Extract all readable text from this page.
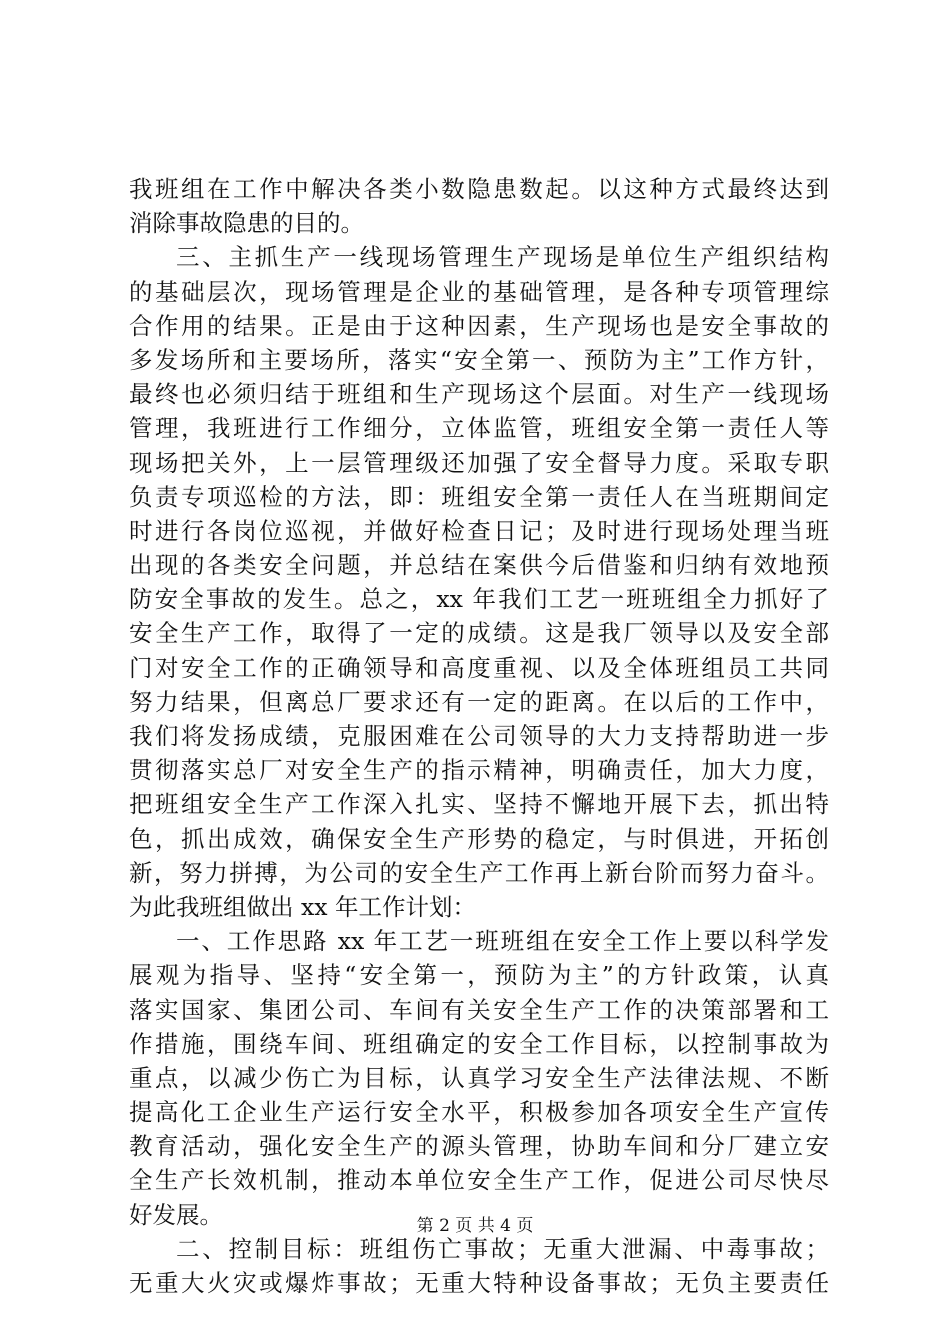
我班组在工作中解决各类小数隐患数起。以这种方式最终达到
消除事故隐患的目的。
三、主抓生产一线现场管理生产现场是单位生产组织结构
的基础层次，现场管理是企业的基础管理，是各种专项管理综
合作用的结果。正是由于这种因素，生产现场也是安全事故的
多发场所和主要场所，落实“安全第一、预防为主”工作方针，
最终也必须归结于班组和生产现场这个层面。对生产一线现场
管理，我班进行工作细分，立体监管，班组安全第一责任人等
现场把关外，上一层管理级还加强了安全督导力度。采取专职
负责专项巡检的方法，即：班组安全第一责任人在当班期间定
时进行各岗位巡视，并做好检查日记；及时进行现场处理当班
出现的各类安全问题，并总结在案供今后借鉴和归纳有效地预
防安全事故的发生。总之，xx 年我们工艺一班班组全力抓好了
安全生产工作，取得了一定的成绩。这是我厂领导以及安全部
门对安全工作的正确领导和高度重视、以及全体班组员工共同
努力结果，但离总厂要求还有一定的距离。在以后的工作中，
我们将发扬成绩，克服困难在公司领导的大力支持帮助进一步
贯彻落实总厂对安全生产的指示精神，明确责任，加大力度，
把班组安全生产工作深入扎实、坚持不懈地开展下去，抓出特
色，抓出成效，确保安全生产形势的稳定，与时俱进，开拓创
新，努力拼搏，为公司的安全生产工作再上新台阶而努力奋斗。
为此我班组做出 xx 年工作计划：
一、工作思路 xx 年工艺一班班组在安全工作上要以科学发
展观为指导、坚持“安全第一，预防为主”的方针政策，认真
落实国家、集团公司、车间有关安全生产工作的决策部署和工
作措施，围绕车间、班组确定的安全工作目标，以控制事故为
重点，以减少伤亡为目标，认真学习安全生产法律法规、不断
提高化工企业生产运行安全水平，积极参加各项安全生产宣传
教育活动，强化安全生产的源头管理，协助车间和分厂建立安
全生产长效机制，推动本单位安全生产工作，促进公司尽快尽
好发展。
二、控制目标：班组伤亡事故；无重大泄漏、中毒事故；
无重大火灾或爆炸事故；无重大特种设备事故；无负主要责任
第 2 页 共 4 页
